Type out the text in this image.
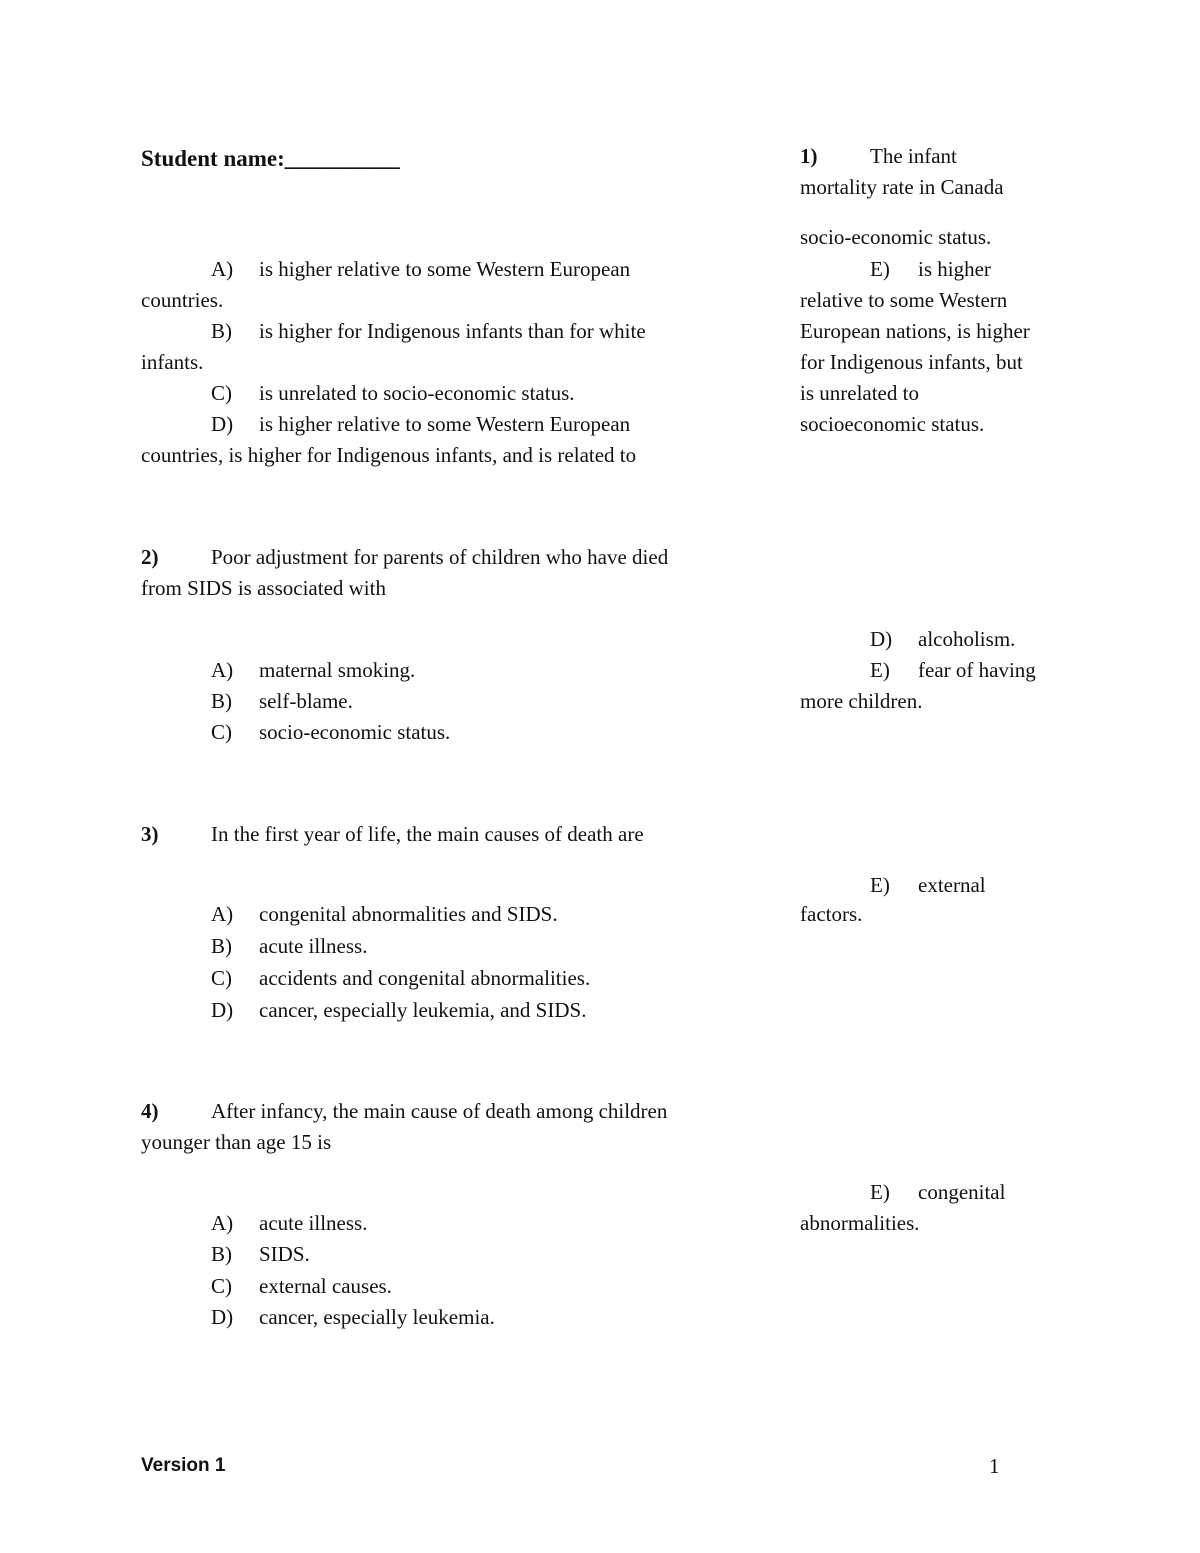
Student name:__________	1)	The infant
mortality rate in Canada
A) is higher relative to some Western European
countries.
B) is higher for Indigenous infants than for white
infants.
C) is unrelated to socio-economic status.
D) is higher relative to some Western European
countries, is higher for Indigenous infants, and is related to
socio-economic status.
E) is higher
relative to some Western
European nations, is higher
for Indigenous infants, but
is unrelated to
socioeconomic status.
2)	Poor adjustment for parents of children who have died
from SIDS is associated with
A) maternal smoking.
B) self-blame.
C) socio-economic status.
D) alcoholism.
E) fear of having
more children.
3)	In the first year of life, the main causes of death are
A) congenital abnormalities and SIDS.
B) acute illness.
C) accidents and congenital abnormalities.
D) cancer, especially leukemia, and SIDS.
E) external
factors.
4)	After infancy, the main cause of death among children
younger than age 15 is
A) acute illness.
B) SIDS.
C) external causes.
D) cancer, especially leukemia.
E) congenital
abnormalities.
Version 1	1
